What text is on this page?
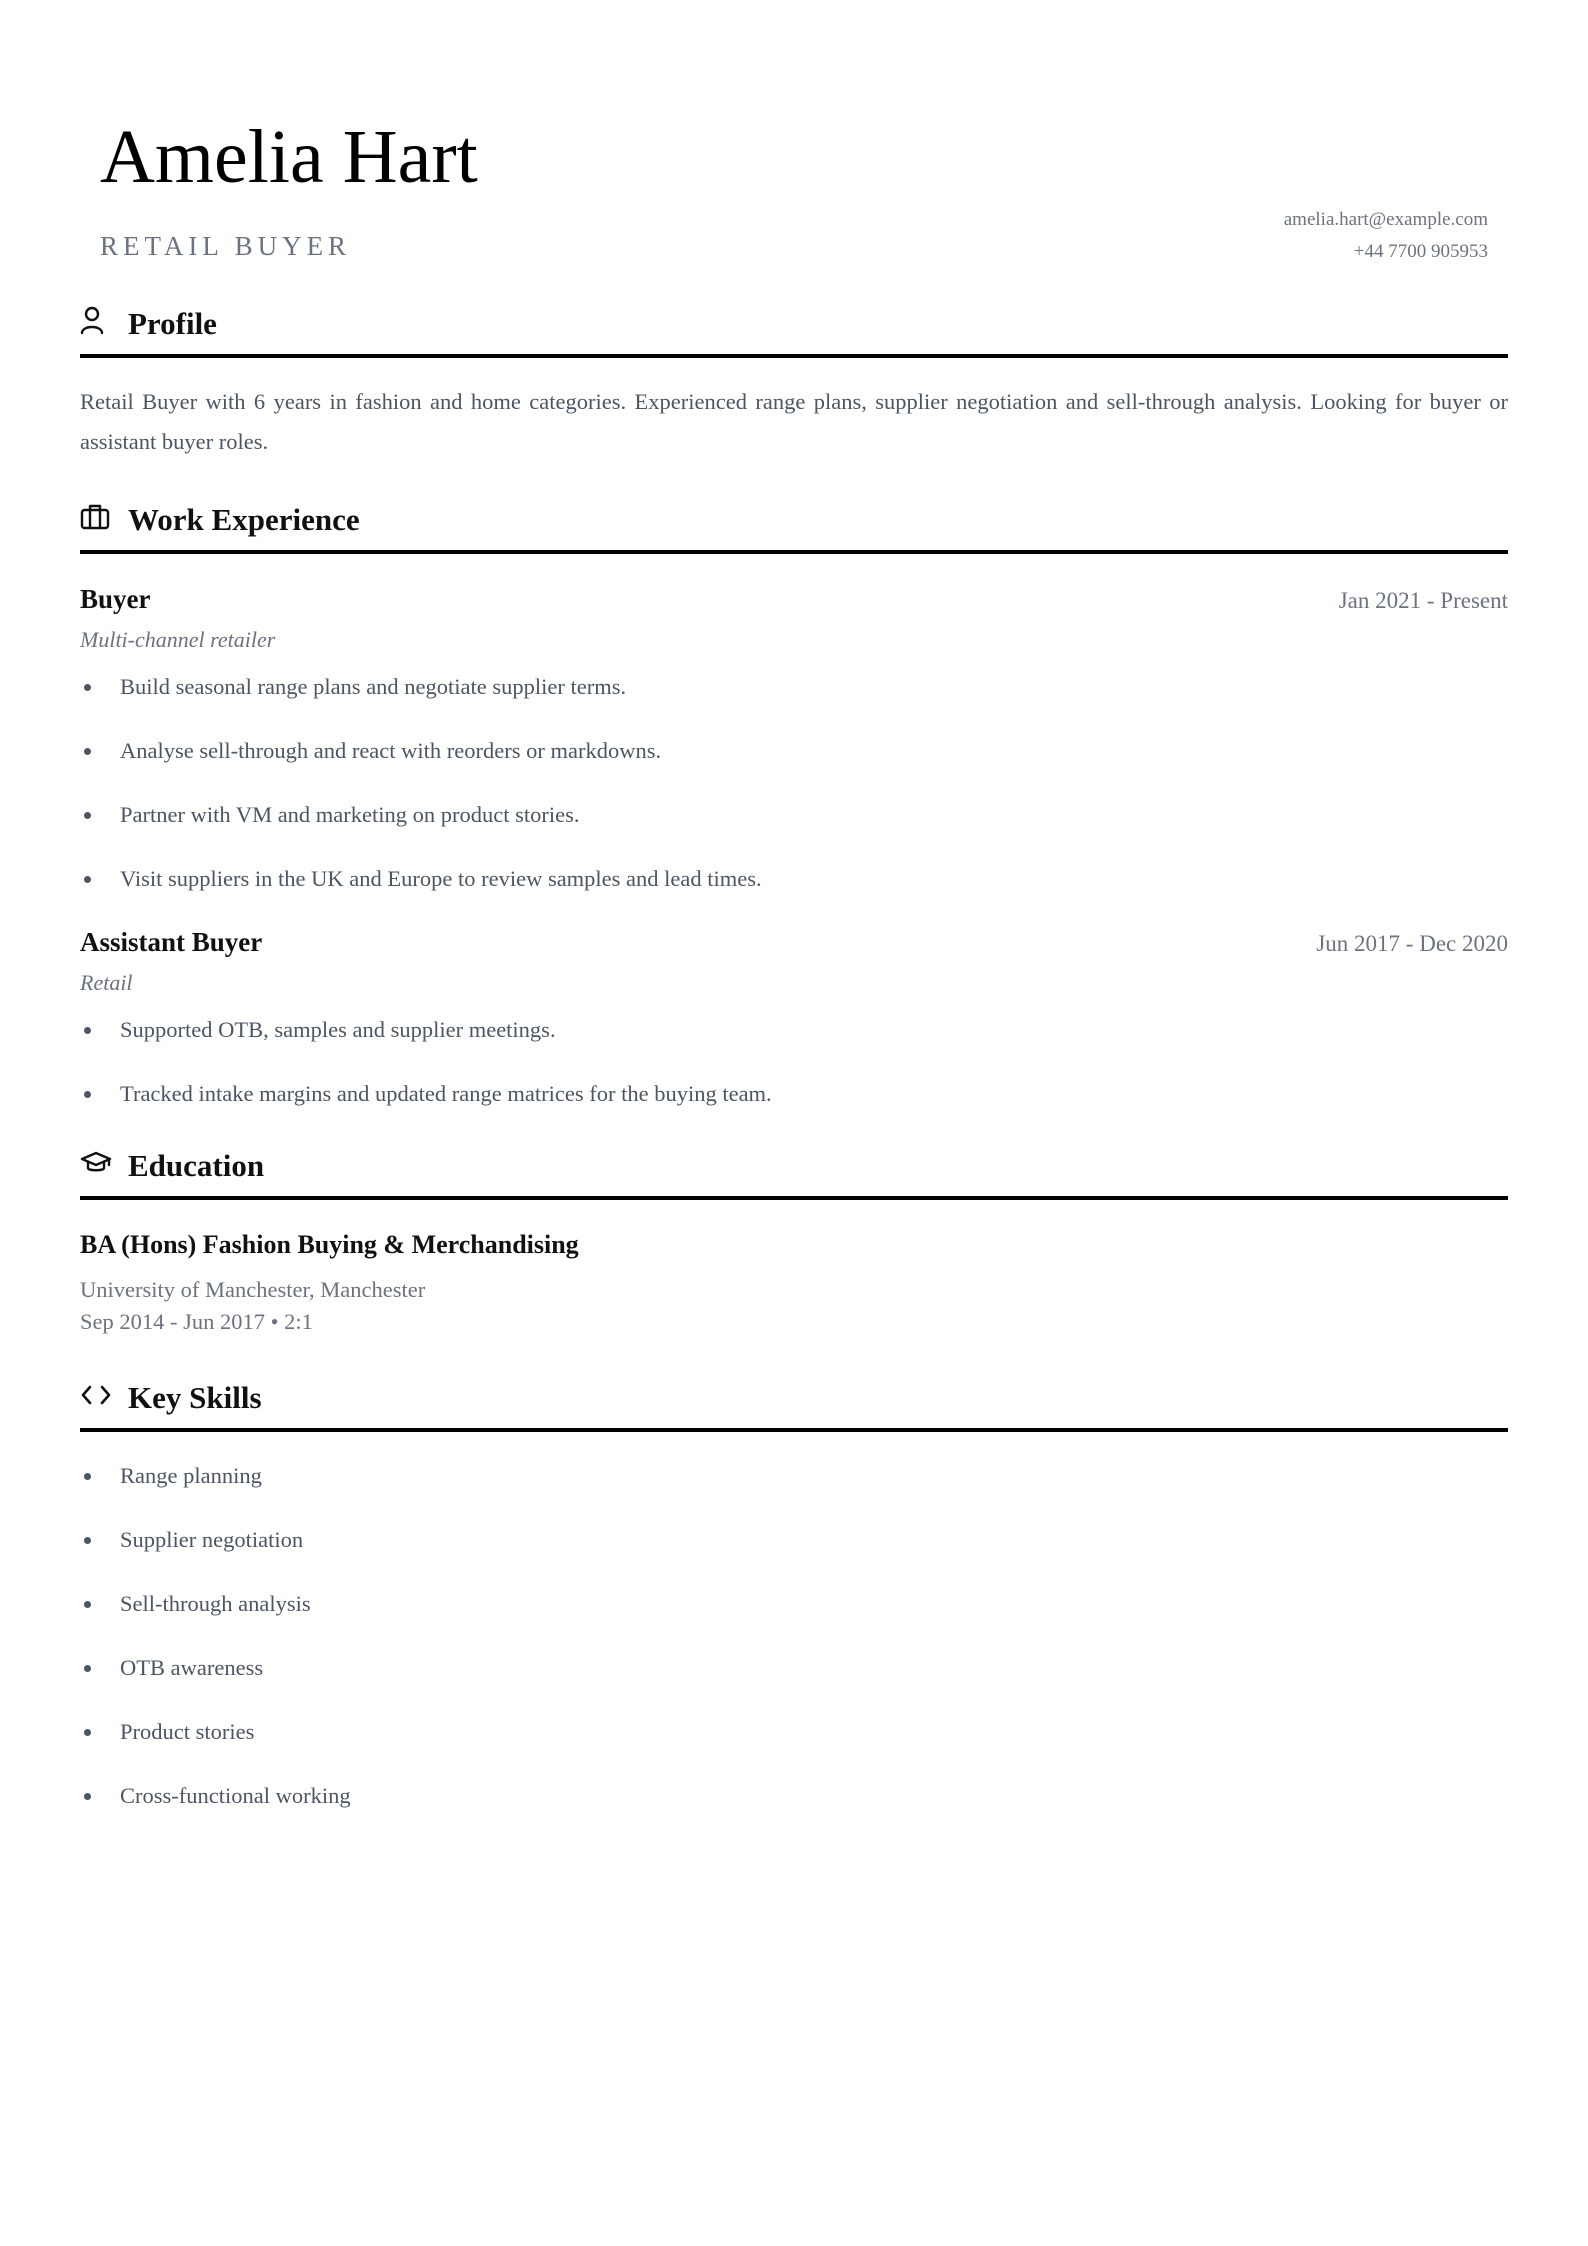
Amelia Hart
RETAIL BUYER
amelia.hart@example.com
+44 7700 905953
Profile

Retail Buyer with 6 years in fashion and home categories. Experienced range plans, supplier negotiation and sell-through analysis. Looking for buyer or assistant buyer roles.

Work Experience
Buyer	Jan 2021 - Present
Multi-channel retailer
Build seasonal range plans and negotiate supplier terms.
Analyse sell-through and react with reorders or markdowns.
Partner with VM and marketing on product stories.
Visit suppliers in the UK and Europe to review samples and lead times.
Assistant Buyer	Jun 2017 - Dec 2020
Retail
Supported OTB, samples and supplier meetings.
Tracked intake margins and updated range matrices for the buying team.
Education
BA (Hons) Fashion Buying & Merchandising
University of Manchester, Manchester
Sep 2014 - Jun 2017 • 2:1
Key Skills
Range planning
Supplier negotiation
Sell-through analysis
OTB awareness
Product stories
Cross-functional working
